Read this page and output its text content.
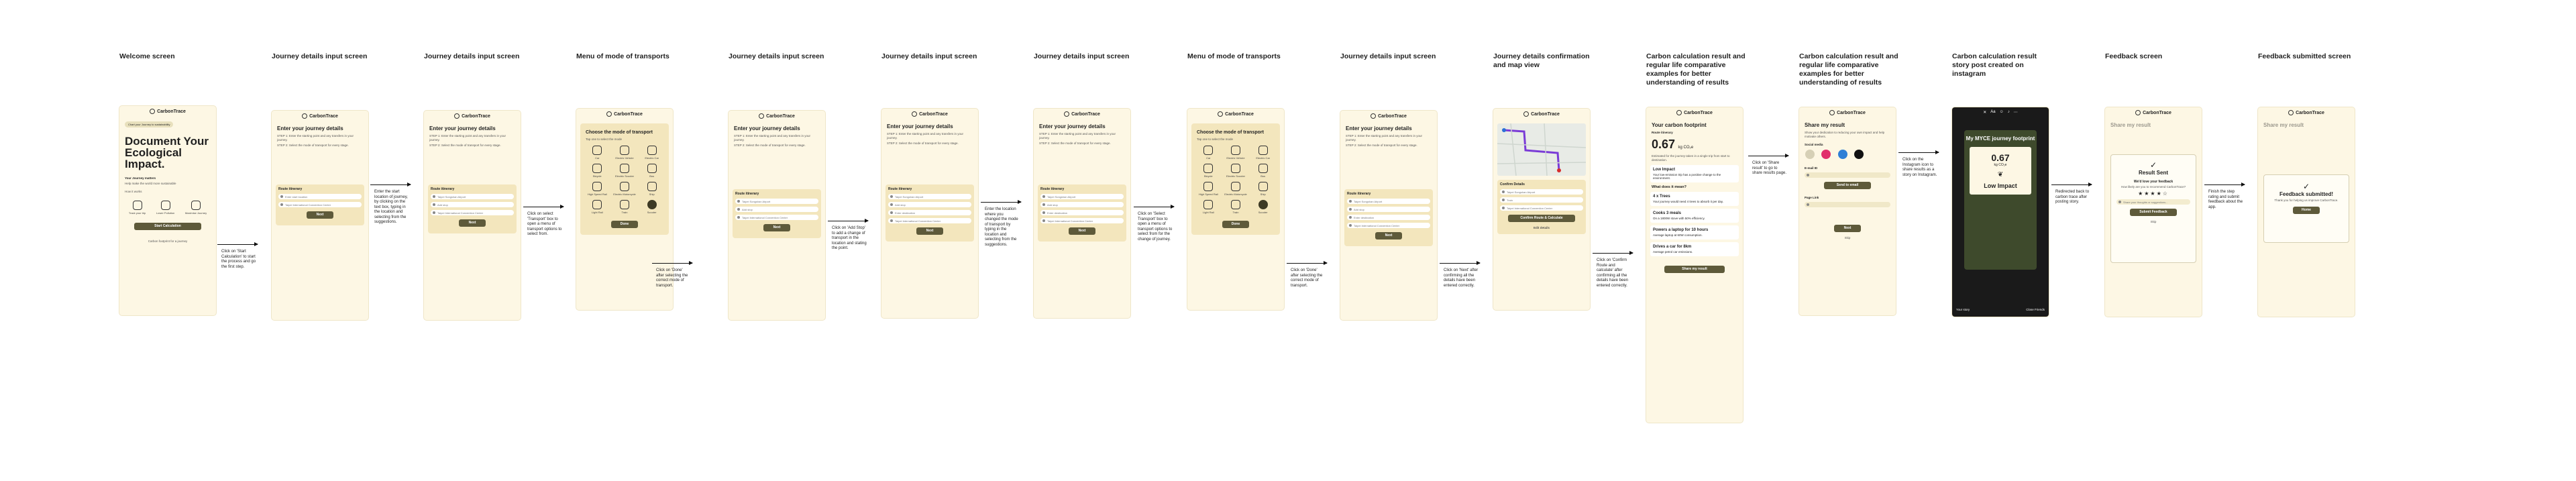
Welcome screen	Journey details input screen	Journey details input screen	Menu of mode of transports	Journey details input screen	Journey details input screen	Journey details input screen	Menu of mode of transports	Journey details input screen	Journey details confirmation and map view
Carbon calculation result and regular life comparative examples for better understanding of results
Carbon calculation result and regular life comparative examples for better understanding of results
Carbon calculation result story post created on instagram
Feedback screen	Feedback submitted screen
CarbonTrace
Chart your Journey to sustainability
Document Your Ecological Impact.
Your Journey matters
Help make the world more sustainable
How it works
Track your trip	Lower Pollution	Maximise Journey
Start Calculation
Carbon footprint for a journey
CarbonTrace
Enter your journey details
STEP 1: Enter the starting point and any transfers in your journey.
STEP 2: Select the mode of transport for every stage.
Route itinerary
Enter start location
Taipei International Convention Center
Next
CarbonTrace
Enter your journey details
STEP 1: Enter the starting point and any transfers in your journey.
STEP 2: Select the mode of transport for every stage.
Route itinerary
Taipei Songshan Airport
Add stop
Taipei International Convention Center
Next
CarbonTrace
Choose the mode of transport
Tap one to select the mode
Car	Electric Vehicle	Electric Car
Bicycle	Electric Scooter	Bus
High Speed Rail	Electric Motorcycle	Ship
Light Rail	Train	Scooter
Done
CarbonTrace
Enter your journey details
STEP 1: Enter the starting point and any transfers in your journey.
STEP 2: Select the mode of transport for every stage.
Route itinerary
Taipei Songshan Airport
Add stop
Taipei International Convention Center
Next
CarbonTrace
Enter your journey details
STEP 1: Enter the starting point and any transfers in your journey.
STEP 2: Select the mode of transport for every stage.
Route itinerary
Taipei Songshan Airport
Add stop
Enter destination
Taipei International Convention Center
Next
CarbonTrace
Enter your journey details
STEP 1: Enter the starting point and any transfers in your journey.
STEP 2: Select the mode of transport for every stage.
Route itinerary
Taipei Songshan Airport
Add stop
Enter destination
Taipei International Convention Center
Next
CarbonTrace
Choose the mode of transport
Tap one to select the mode
Car	Electric Vehicle	Electric Car
Bicycle	Electric Scooter	Bus
High Speed Rail	Electric Motorcycle	Ship
Light Rail	Train	Scooter
Done
CarbonTrace
Enter your journey details
STEP 1: Enter the starting point and any transfers in your journey.
STEP 2: Select the mode of transport for every stage.
Route itinerary
Taipei Songshan Airport
Add stop
Enter destination
Taipei International Convention Center
Next
CarbonTrace
Confirm Details
Taipei Songshan Airport
Train
Taipei International Convention Center
Confirm Route & Calculate
Edit details
CarbonTrace
Your carbon footprint
Route itinerary
0.67 kg CO₂e
Estimated for the journey taken in a single trip from start to destination.
Low Impact
Your low-emission trip has a positive change to the environment.
What does it mean?
4 x Trees
Your journey would need 4 trees to absorb it per day.
Cooks 3 meals
On a 1800W stove with 50% efficiency.
Powers a laptop for 10 hours
Average laptop at 60W consumption.
Drives a car for 8km
Average petrol car emissions.
Share my result
CarbonTrace
Share my result
Show your dedication to reducing your own impact and help motivate others.
Social media

E-mail ID
Send to email
Page Link
Next
Skip
✕ Aa ☺ ♪ ⋯
My MYCE journey footprint
0.67
kg CO₂e
❦
Low Impact
Your story	Close Friends
CarbonTrace
Share my result
✓
Result Sent
We'd love your feedback
How likely are you to recommend CarbonTrace?
★★★★☆
Share your thoughts or suggestions...
Submit Feedback
Skip
CarbonTrace
Share my result
✓
Feedback submitted!
Thank you for helping us improve CarbonTrace.
Home
Click on 'Start Calculation' to start the process and go the first step.
Enter the start location of journey, by clicking on the text box, typing in the location and selecting from the suggestions.
Click on select 'Transport' box to open a menu of transport options to select from.
Click on 'Done' after selecting the correct mode of transport.
Click on 'Add Stop' to add a change of transport in the location and stating the point.
Enter the location where you changed the mode of transport by typing in the location and selecting from the suggestions.
Click on 'Select Transport' box to open a menu of transport options to select from for the change of journey.
Click on 'Done' after selecting the correct mode of transport.
Click on 'Next' after confirming all the details have been entered correctly.
Click on 'Confirm Route and calculate' after confirming all the details have been entered correctly.
Click on 'Share result' to go to share results page.
Click on the Instagram icon to share results as a story on Instagram.
Redirected back to carbon trace after posting story.
Finish the step rating and submit feedback about the app.
